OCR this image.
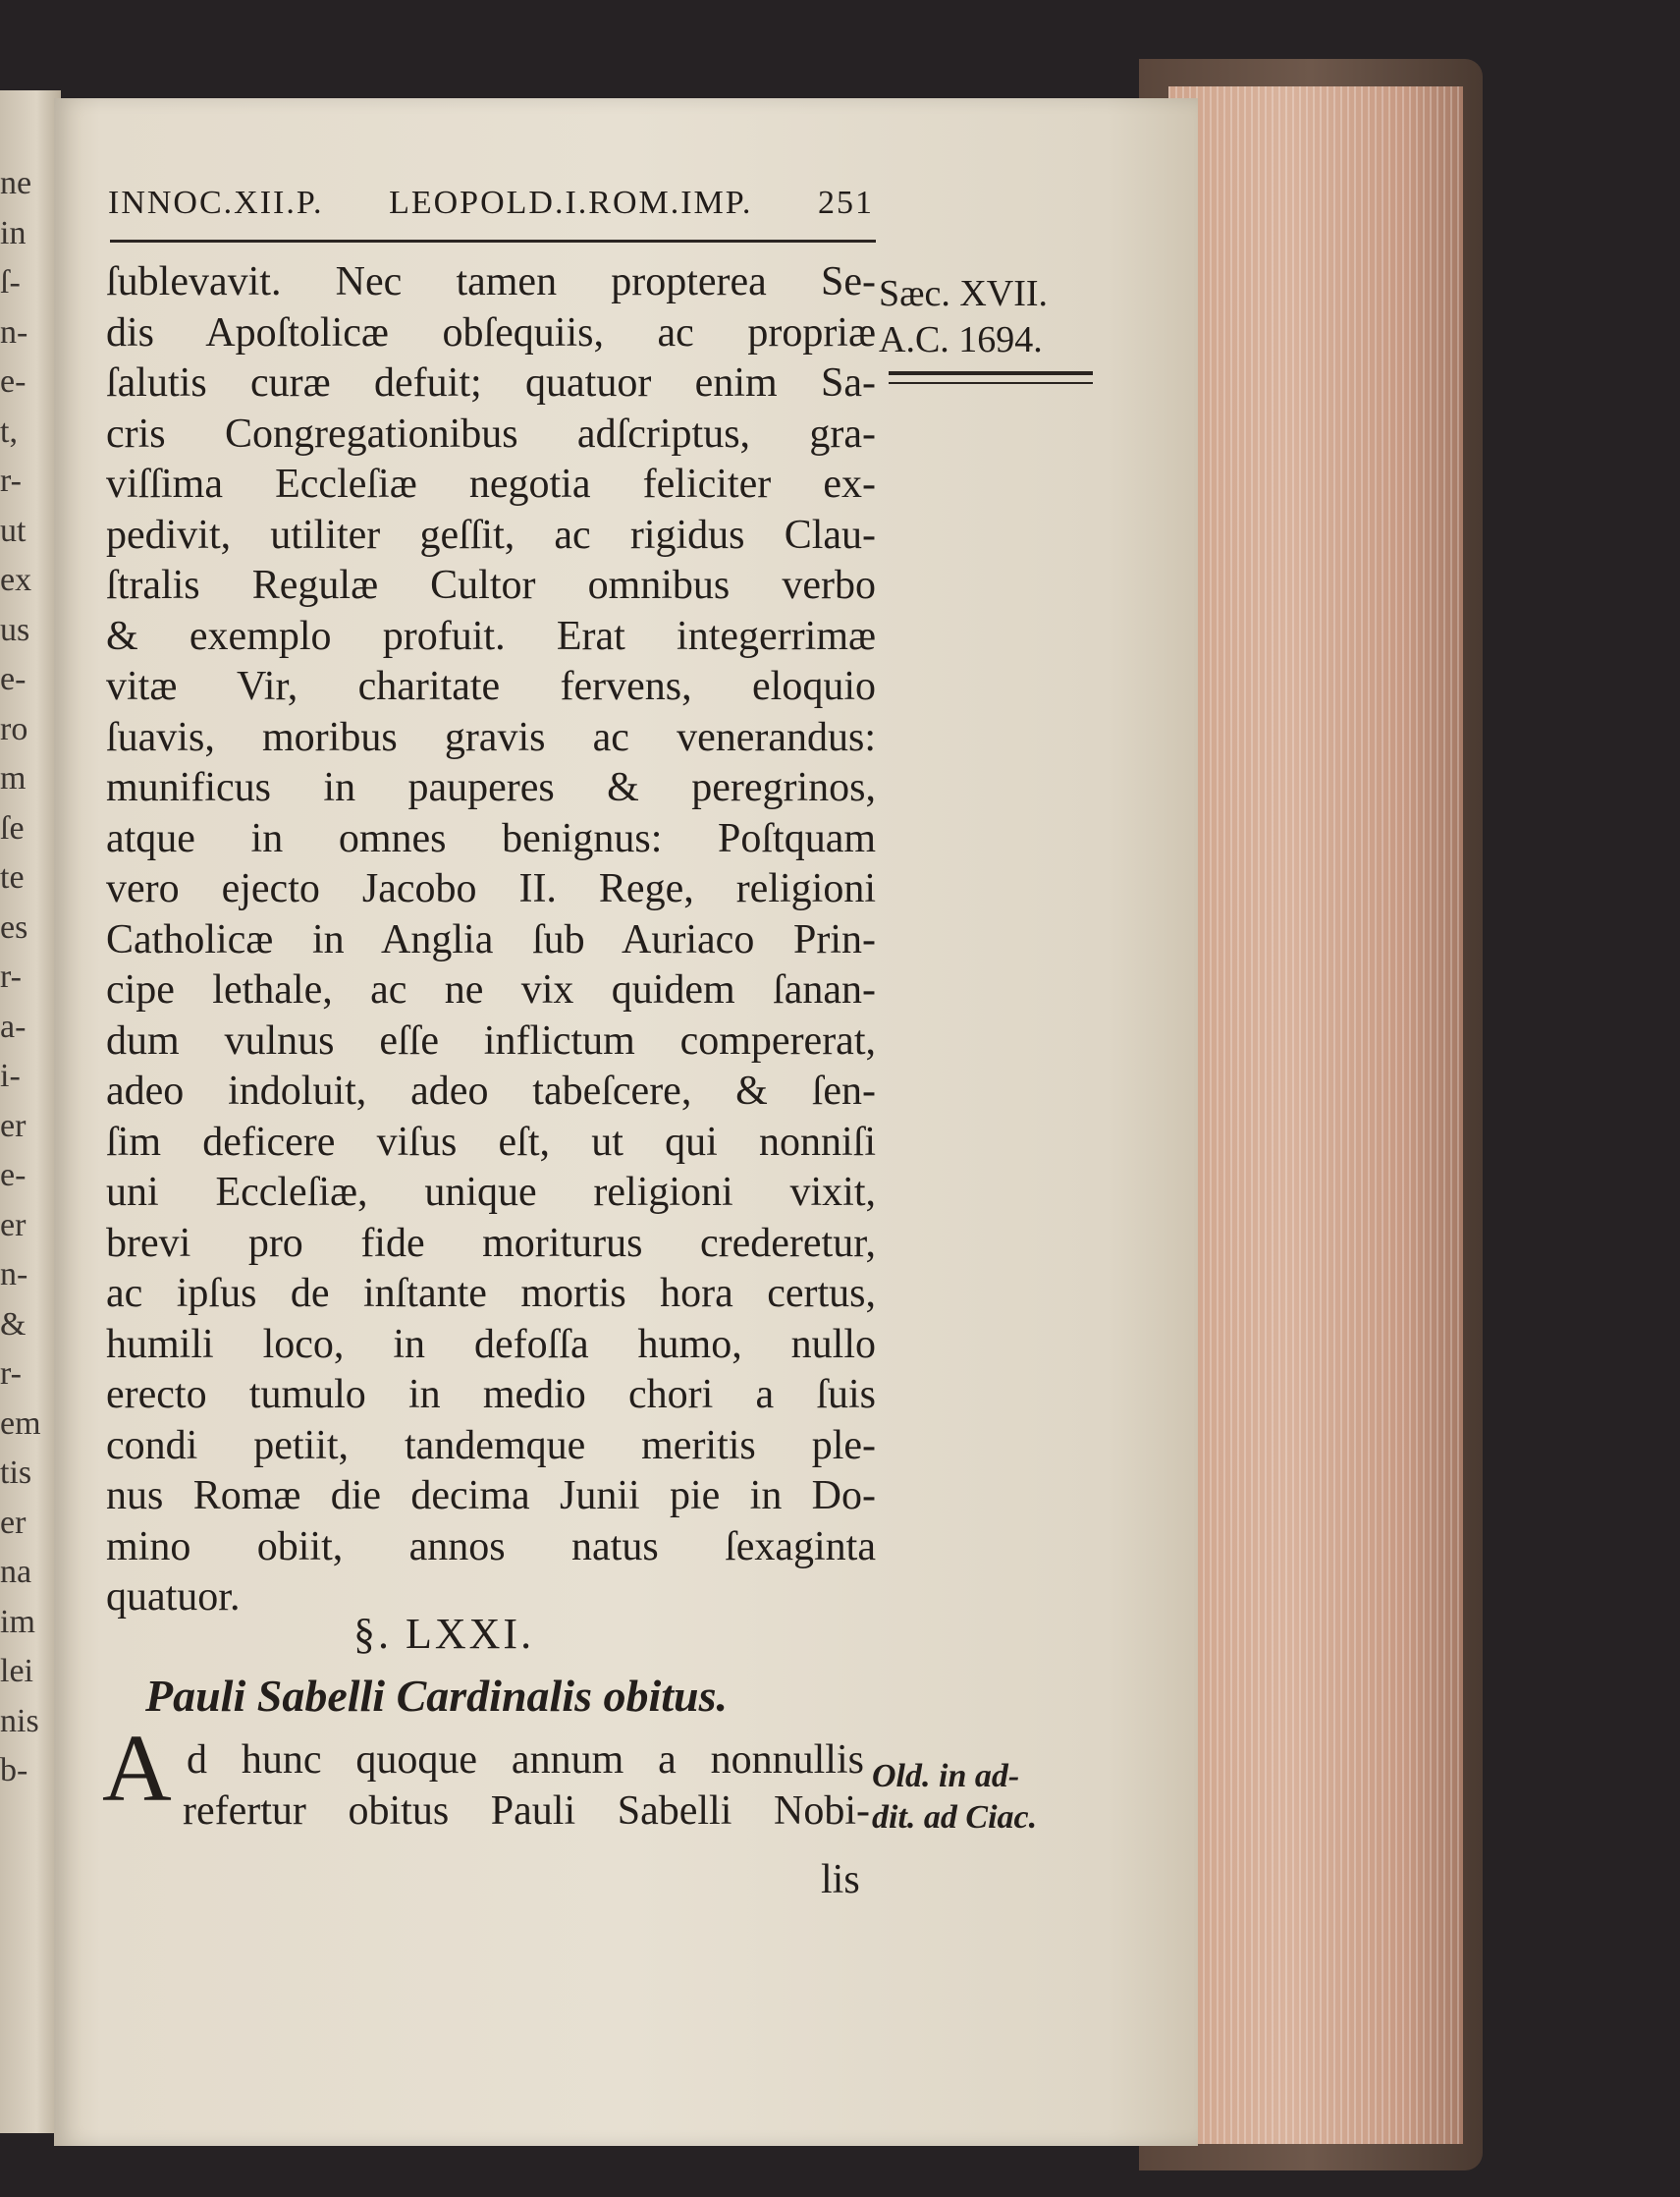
ne
in
ſ-
n-
e-
t,
r-
ut
ex
us
e-
ro
m
ſe
te
es
r-
a-
i-
er
e-
er
n-
&
r-
em
tis
er
na
im
lei
nis
b-
INNOC.XII.P. LEOPOLD.I.ROM.IMP. 251
ſublevavit. Nec tamen propterea Se-
dis Apoſtolicæ obſequiis, ac propriæ
ſalutis curæ defuit; quatuor enim Sa-
cris Congregationibus adſcriptus, gra-
viſſima Eccleſiæ negotia feliciter ex-
pedivit, utiliter geſſit, ac rigidus Clau-
ſtralis Regulæ Cultor omnibus verbo
& exemplo profuit. Erat integerrimæ
vitæ Vir, charitate fervens, eloquio
ſuavis, moribus gravis ac venerandus:
munificus in pauperes & peregrinos,
atque in omnes benignus: Poſtquam
vero ejecto Jacobo II. Rege, religioni
Catholicæ in Anglia ſub Auriaco Prin-
cipe lethale, ac ne vix quidem ſanan-
dum vulnus eſſe inflictum compererat,
adeo indoluit, adeo tabeſcere, & ſen-
ſim deficere viſus eſt, ut qui nonniſi
uni Eccleſiæ, unique religioni vixit,
brevi pro fide moriturus crederetur,
ac ipſus de inſtante mortis hora certus,
humili loco, in defoſſa humo, nullo
erecto tumulo in medio chori a ſuis
condi petiit, tandemque meritis ple-
nus Romæ die decima Junii pie in Do-
mino obiit, annos natus ſexaginta
quatuor.
Sæc. XVII.
A.C. 1694.
§. LXXI.
Pauli Sabelli Cardinalis obitus.
A d hunc quoque annum a nonnullis
refertur obitus Pauli Sabelli Nobi-
lis
Old. in ad-
dit. ad Ciac.
